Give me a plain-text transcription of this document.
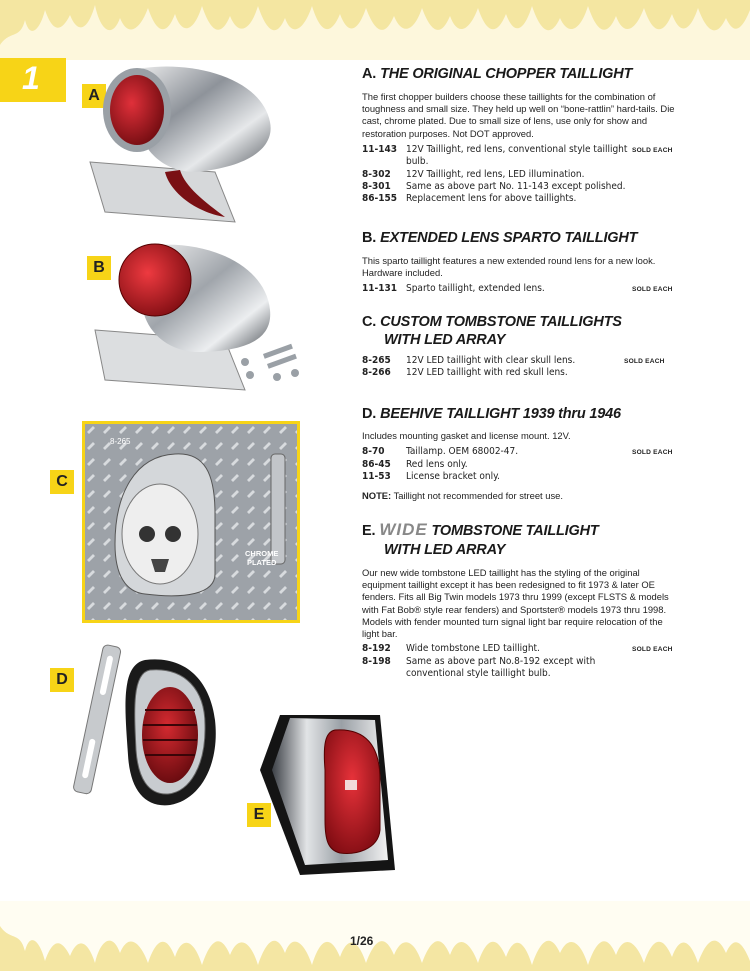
1	A
B
C
D
E
8-265
CHROME
PLATED
A. THE ORIGINAL CHOPPER TAILLIGHT
The first chopper builders choose these taillights for the combination of toughness and small size. They held up well on “bone-rattlin” hard-tails. Die cast, chrome plated. Due to small size of lens, use only for show and restoration purposes. Not DOT approved.
11-143 12V Taillight, red lens, conventional style taillight bulb.
SOLD EACH
8-302	12V Taillight, red lens, LED illumination.
8-301	Same as above part No. 11-143 except polished.
86-155 Replacement lens for above taillights.
B. EXTENDED LENS SPARTO TAILLIGHT
This sparto taillight features a new extended round lens for a new look. Hardware included.
11-131 Sparto taillight, extended lens.	SOLD EACH
C. CUSTOM TOMBSTONE TAILLIGHTS
WITH LED ARRAY
8-265	12V LED taillight with clear skull lens.	SOLD EACH
8-266	12V LED taillight with red skull lens.
D. BEEHIVE TAILLIGHT 1939 thru 1946
Includes mounting gasket and license mount. 12V.
8-70	Taillamp. OEM 68002-47.	SOLD EACH
86-45	Red lens only.
11-53	License bracket only.
NOTE: Taillight not recommended for street use.
E. WIDE TOMBSTONE TAILLIGHT
WITH LED ARRAY
Our new wide tombstone LED taillight has the styling of the original equipment taillight except it has been redesigned to fit 1973 & later OE fenders. Fits all Big Twin models 1973 thru 1999 (except FLSTS & models with Fat Bob® style rear fenders) and Sportster® models 1973 thru 1998. Models with fender mounted turn signal light bar require relocation of the light bar.
8-192	Wide tombstone LED taillight.	SOLD EACH
8-198	Same as above part No.8-192 except with conventional style taillight bulb.
1/26
